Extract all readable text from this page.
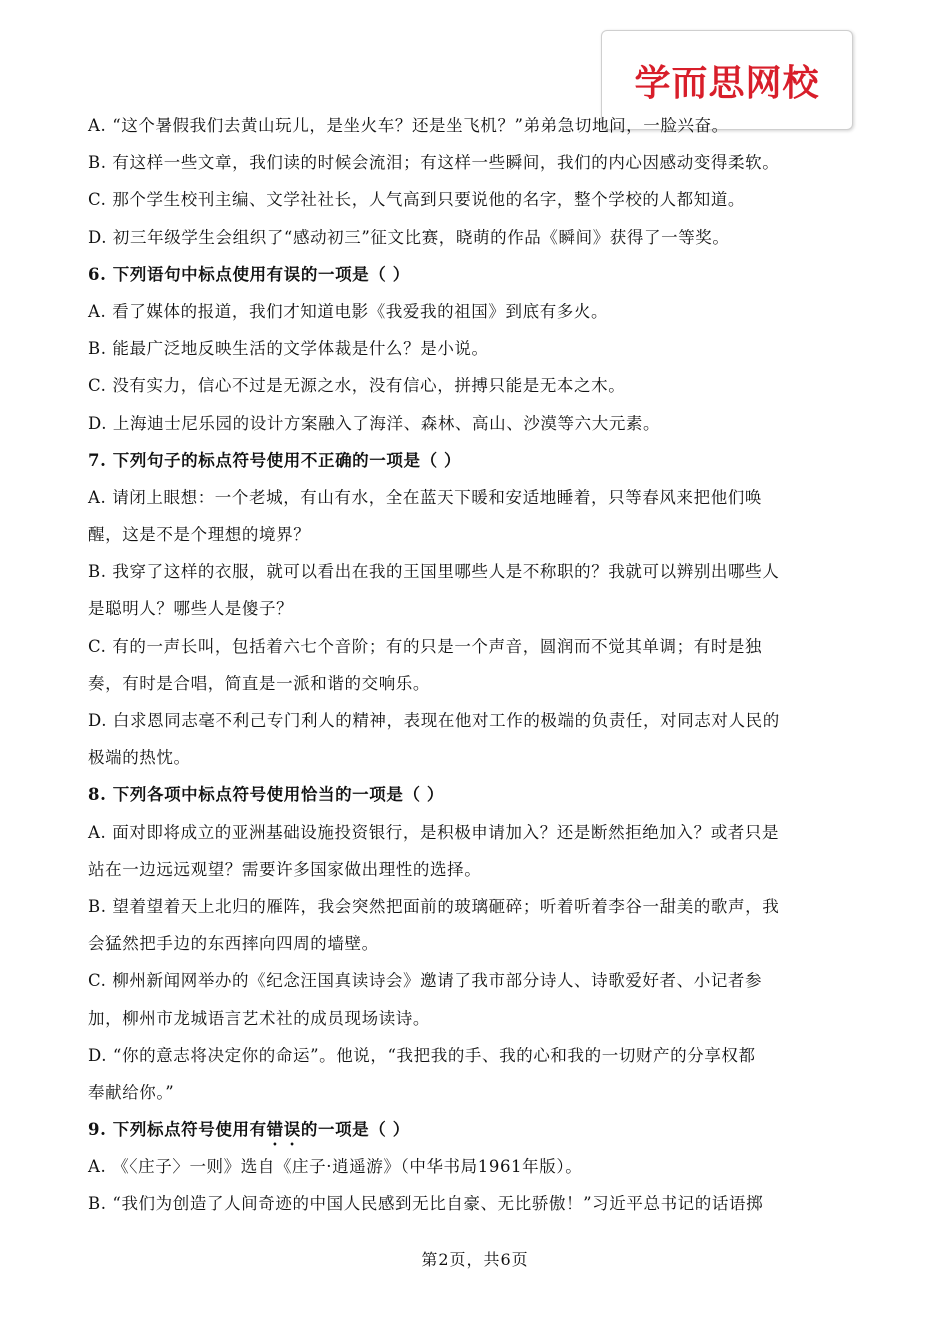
学而思网校
A. “这个暑假我们去黄山玩儿，是坐火车？还是坐飞机？”弟弟急切地问，一脸兴奋。
B. 有这样一些文章，我们读的时候会流泪；有这样一些瞬间，我们的内心因感动变得柔软。
C. 那个学生校刊主编、文学社社长，人气高到只要说他的名字，整个学校的人都知道。
D. 初三年级学生会组织了“感动初三”征文比赛，晓萌的作品《瞬间》获得了一等奖。
6. 下列语句中标点使用有误的一项是（ ）
A. 看了媒体的报道，我们才知道电影《我爱我的祖国》到底有多火。
B. 能最广泛地反映生活的文学体裁是什么？是小说。
C. 没有实力，信心不过是无源之水，没有信心，拼搏只能是无本之木。
D. 上海迪士尼乐园的设计方案融入了海洋、森林、高山、沙漠等六大元素。
7. 下列句子的标点符号使用不正确的一项是（ ）
A. 请闭上眼想：一个老城，有山有水，全在蓝天下暖和安适地睡着，只等春风来把他们唤
醒，这是不是个理想的境界？
B. 我穿了这样的衣服，就可以看出在我的王国里哪些人是不称职的？我就可以辨别出哪些人
是聪明人？哪些人是傻子？
C. 有的一声长叫，包括着六七个音阶；有的只是一个声音，圆润而不觉其单调；有时是独
奏，有时是合唱，简直是一派和谐的交响乐。
D. 白求恩同志毫不利己专门利人的精神，表现在他对工作的极端的负责任，对同志对人民的
极端的热忱。
8. 下列各项中标点符号使用恰当的一项是（ ）
A. 面对即将成立的亚洲基础设施投资银行，是积极申请加入？还是断然拒绝加入？或者只是
站在一边远远观望？需要许多国家做出理性的选择。
B. 望着望着天上北归的雁阵，我会突然把面前的玻璃砸碎；听着听着李谷一甜美的歌声，我
会猛然把手边的东西摔向四周的墙壁。
C. 柳州新闻网举办的《纪念汪国真读诗会》邀请了我市部分诗人、诗歌爱好者、小记者参
加，柳州市龙城语言艺术社的成员现场读诗。
D. “你的意志将决定你的命运”。他说，“我把我的手、我的心和我的一切财产的分享权都
奉献给你。”
9. 下列标点符号使用有错误的一项是（ ）
A. 《〈庄子〉一则》选自《庄子·逍遥游》（中华书局1961年版）。
B. “我们为创造了人间奇迹的中国人民感到无比自豪、无比骄傲！”习近平总书记的话语掷
第2页，共6页
